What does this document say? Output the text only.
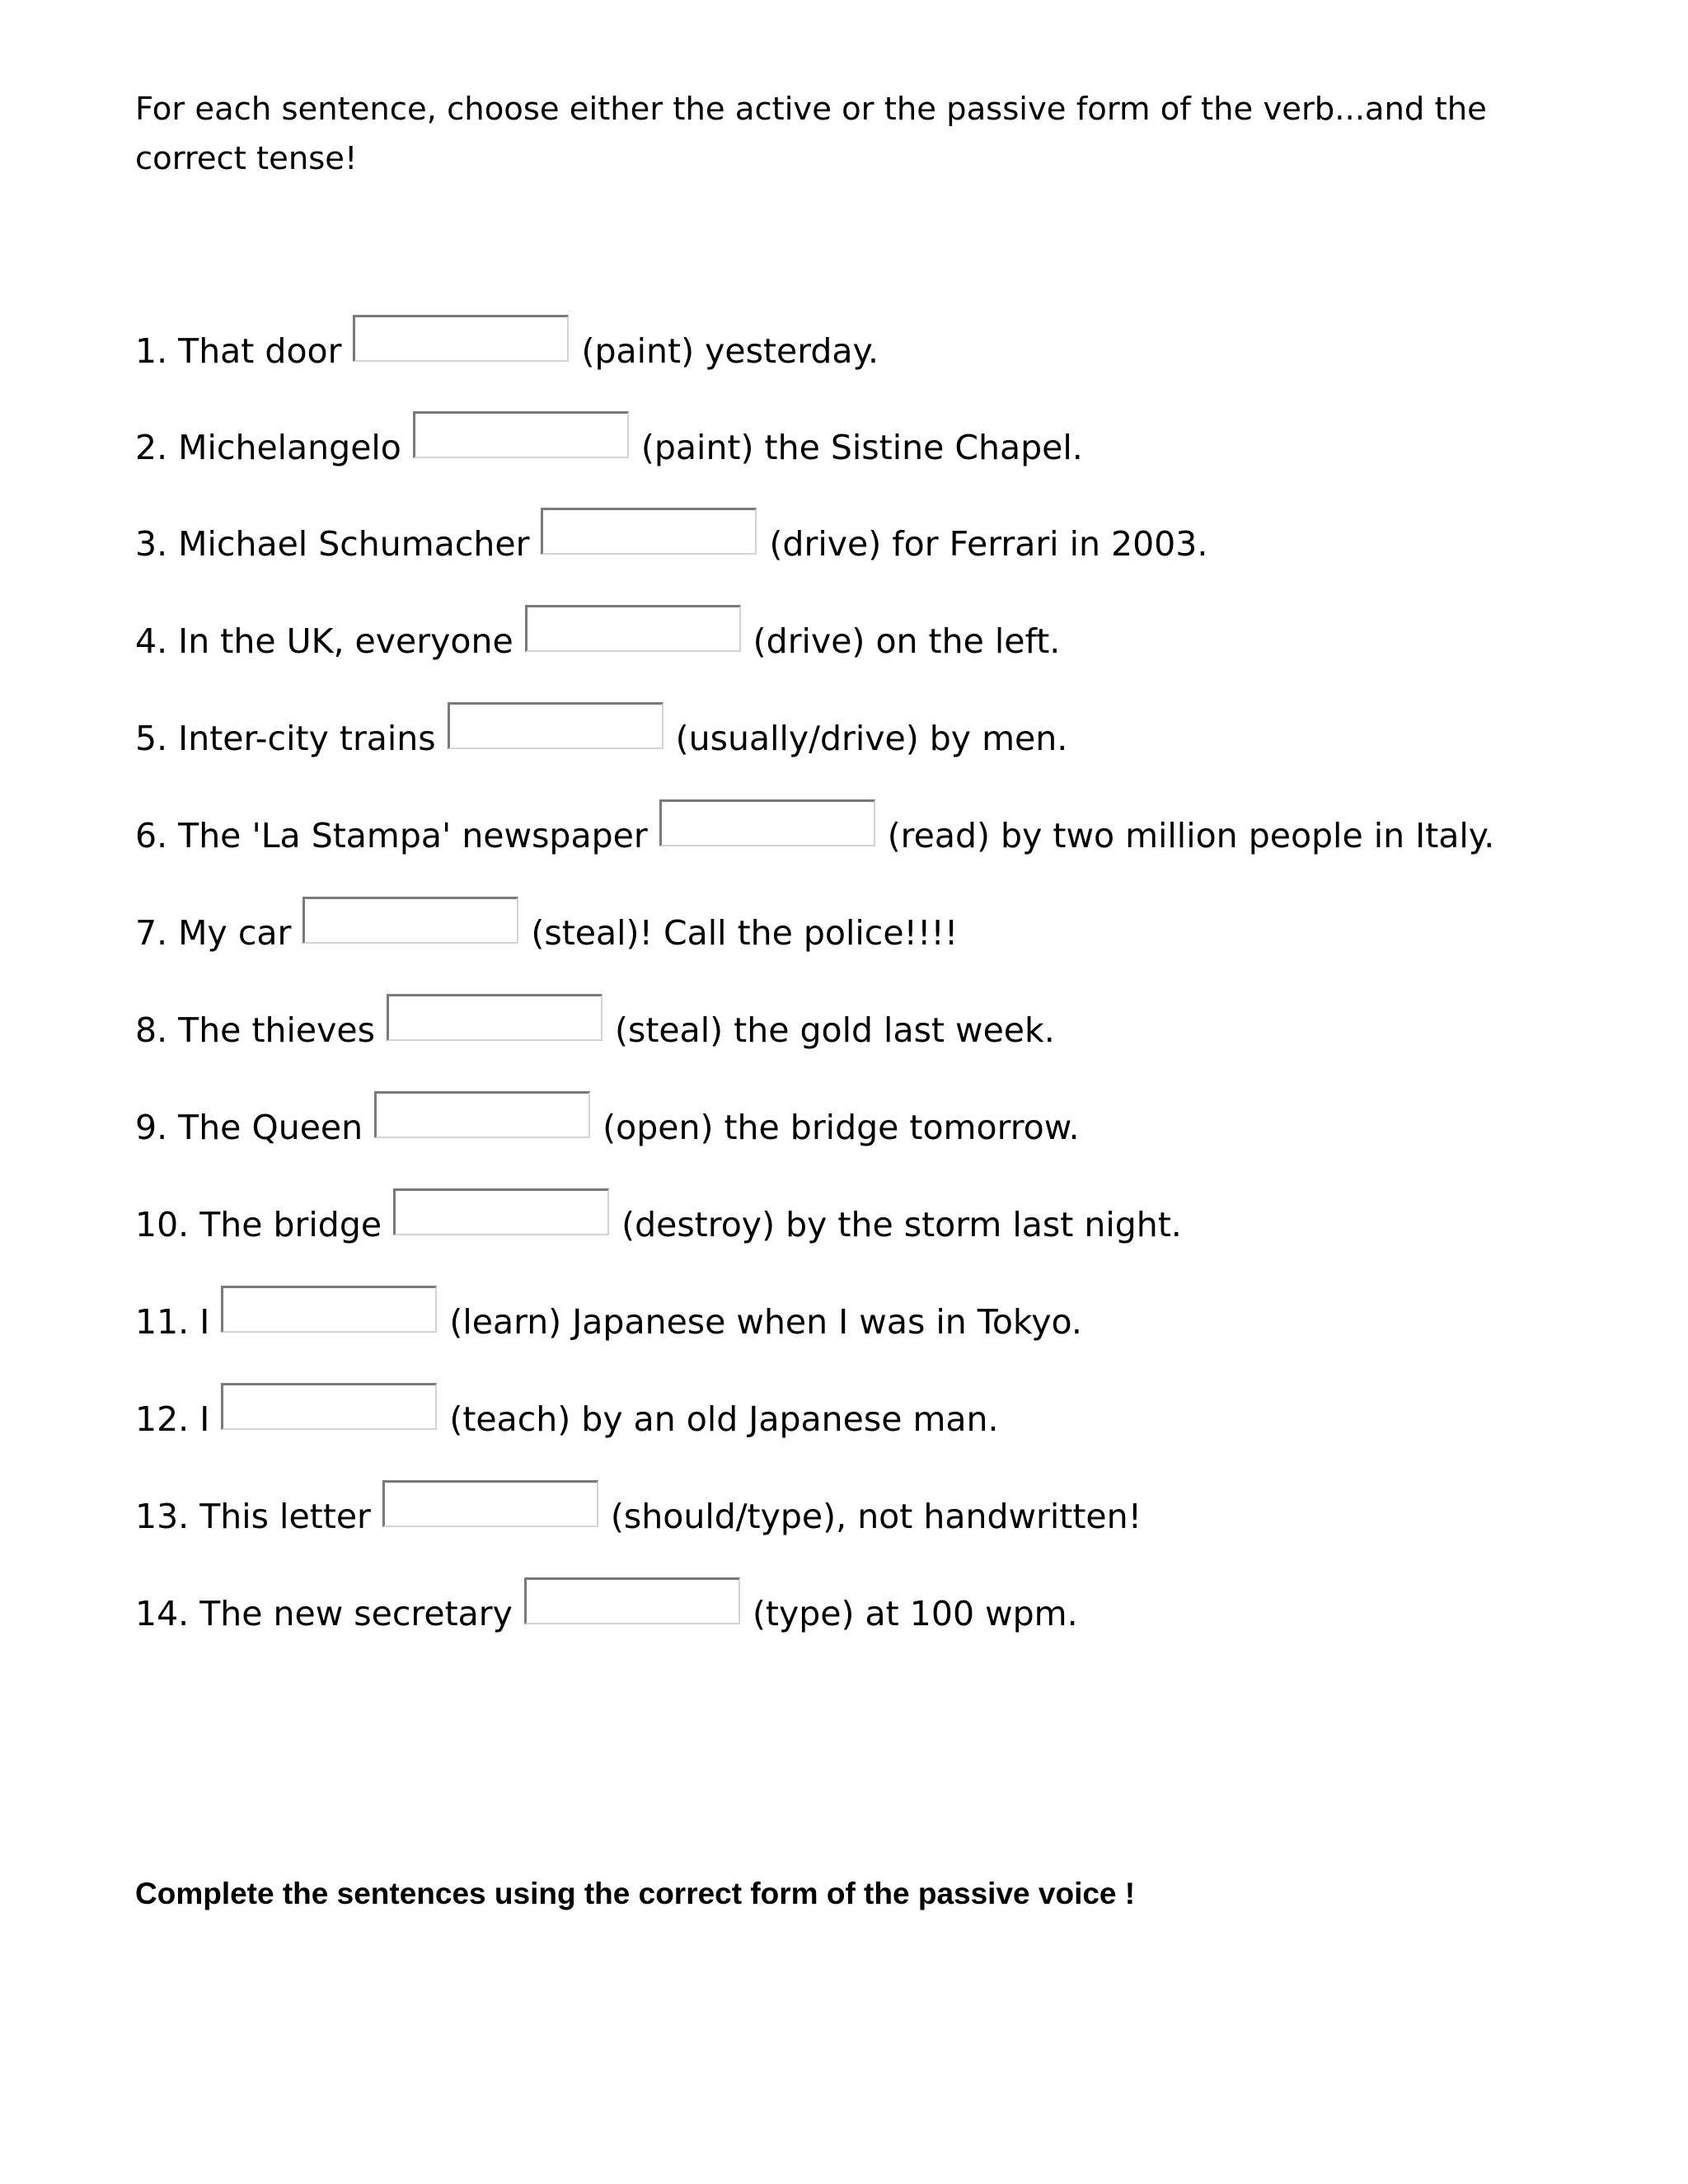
For each sentence, choose either the active or the passive form of the verb...and the correct tense!

1. That door	(paint) yesterday.
2. Michelangelo	(paint) the Sistine Chapel.
3. Michael Schumacher	(drive) for Ferrari in 2003.
4. In the UK, everyone	(drive) on the left.
5. Inter-city trains	(usually/drive) by men.
6. The 'La Stampa' newspaper	(read) by two million people in Italy.
7. My car	(steal)! Call the police!!!!
8. The thieves	(steal) the gold last week.
9. The Queen	(open) the bridge tomorrow.
10. The bridge	(destroy) by the storm last night.
11. I	(learn) Japanese when I was in Tokyo.
12. I	(teach) by an old Japanese man.
13. This letter	(should/type), not handwritten!
14. The new secretary	(type) at 100 wpm.

Complete the sentences using the correct form of the passive voice !
